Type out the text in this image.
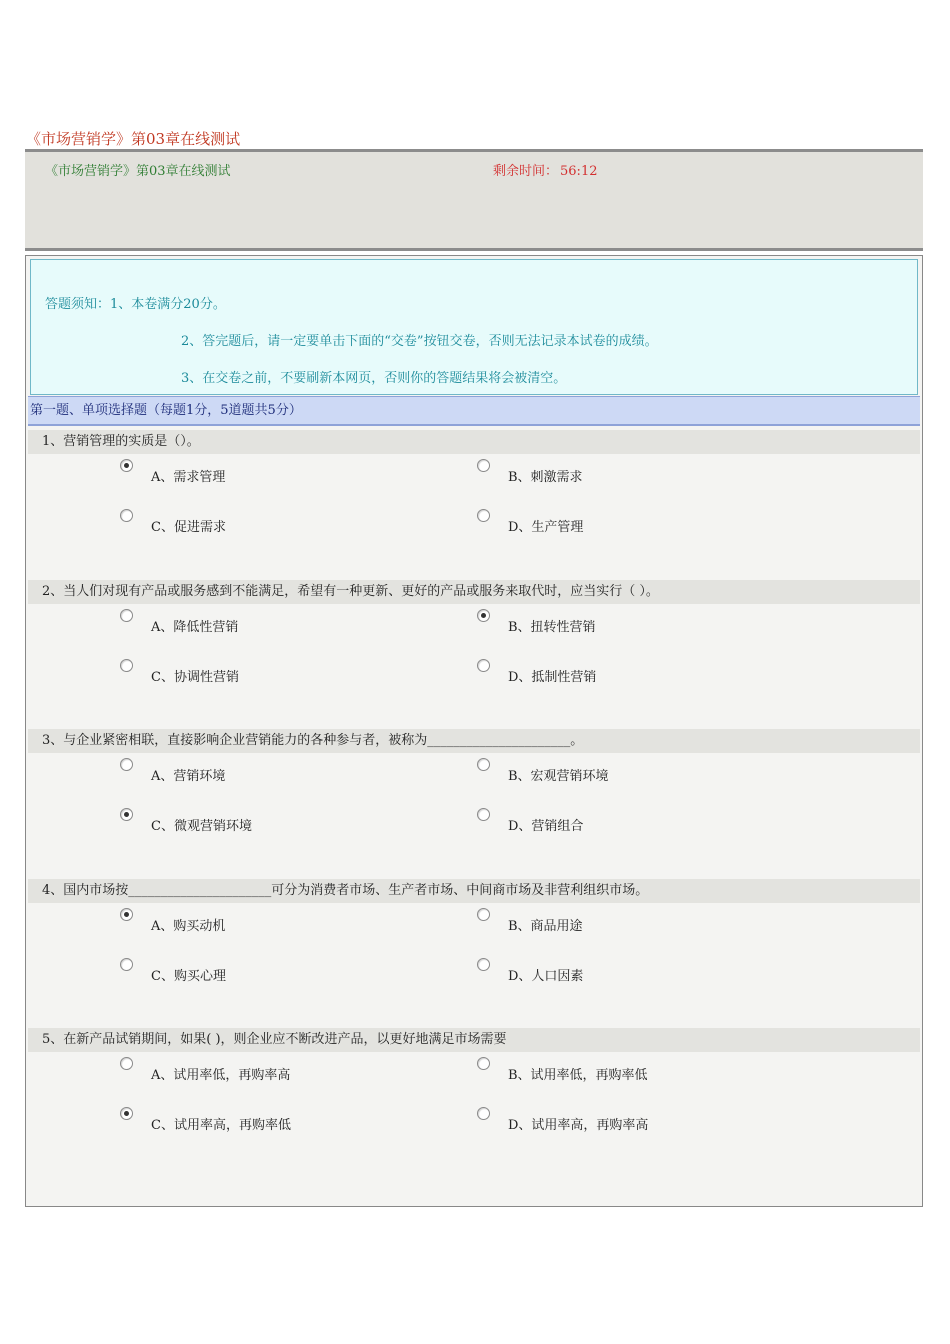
《市场营销学》第03章在线测试
《市场营销学》第03章在线测试	剩余时间： 56:12
答题须知：1、本卷满分20分。
2、答完题后，请一定要单击下面的“交卷”按钮交卷，否则无法记录本试卷的成绩。
3、在交卷之前，不要刷新本网页，否则你的答题结果将会被清空。
第一题、单项选择题（每题1分，5道题共5分）
1、营销管理的实质是（）。
A、需求管理	B、刺激需求
C、促进需求	D、生产管理
2、当人们对现有产品或服务感到不能满足，希望有一种更新、更好的产品或服务来取代时，应当实行（ ）。
A、降低性营销	B、扭转性营销
C、协调性营销	D、抵制性营销
3、与企业紧密相联，直接影响企业营销能力的各种参与者，被称为______________________。
A、营销环境	B、宏观营销环境
C、微观营销环境	D、营销组合
4、国内市场按______________________可分为消费者市场、生产者市场、中间商市场及非营利组织市场。
A、购买动机	B、商品用途
C、购买心理	D、人口因素
5、在新产品试销期间，如果( )，则企业应不断改进产品，以更好地满足市场需要
A、试用率低，再购率高	B、试用率低，再购率低
C、试用率高，再购率低	D、试用率高，再购率高
